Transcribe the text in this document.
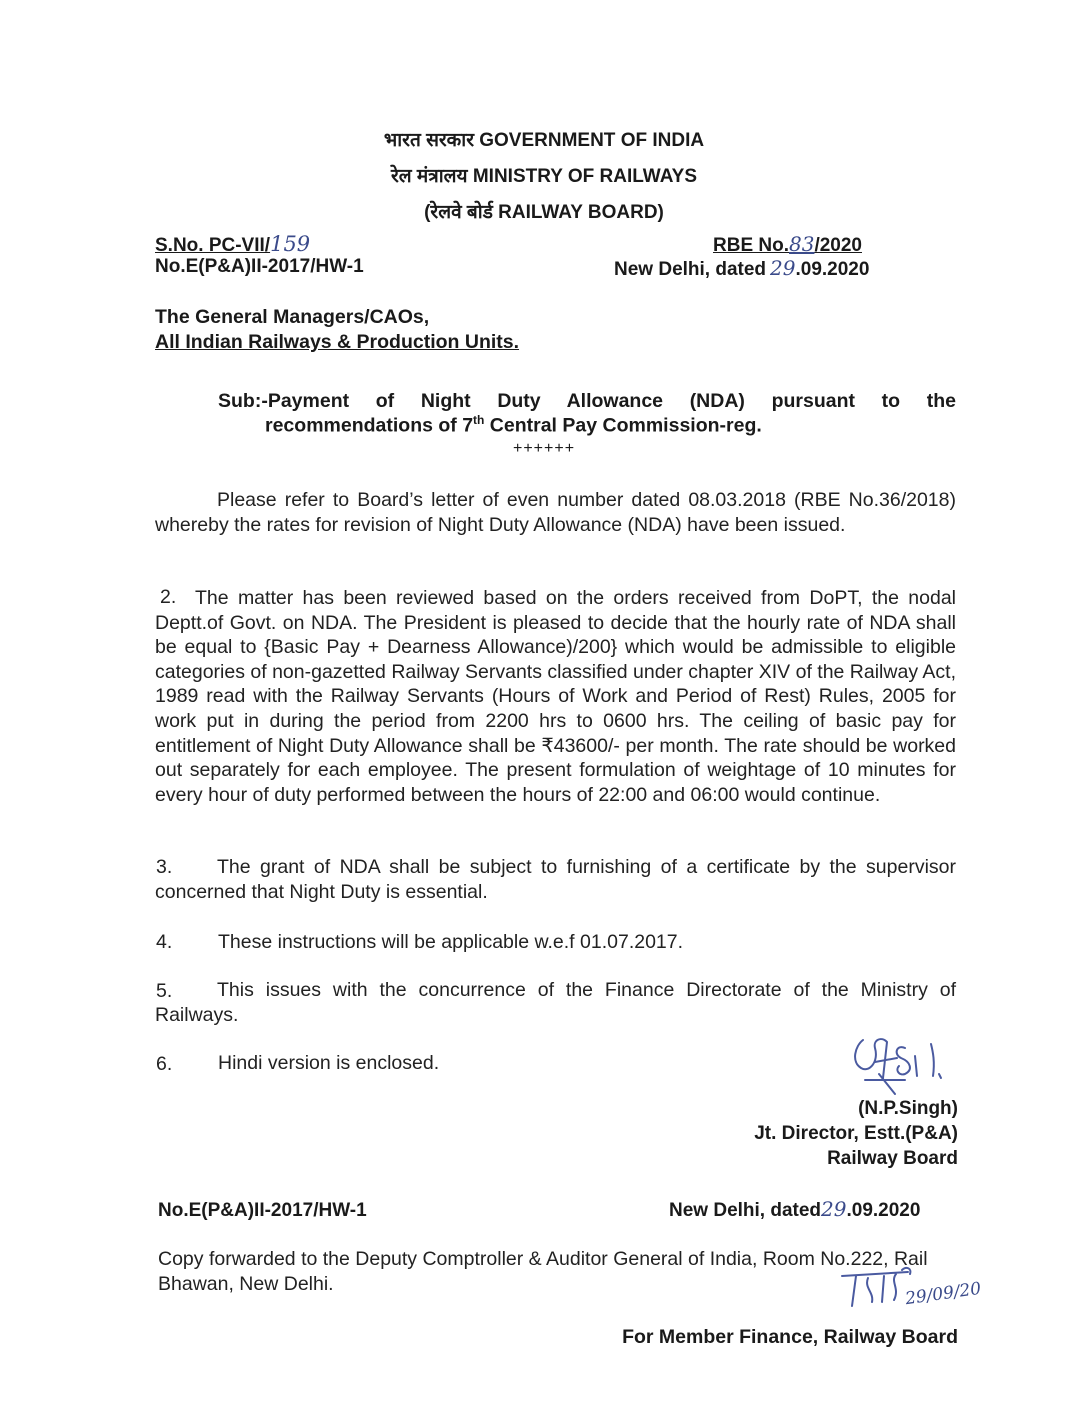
भारत सरकार GOVERNMENT OF INDIA
रेल मंत्रालय MINISTRY OF RAILWAYS
(रेलवे बोर्ड RAILWAY BOARD)
S.No. PC-VII/159
No.E(P&A)II-2017/HW-1
RBE No.83/2020
New Delhi, dated 29.09.2020
The General Managers/CAOs,
All Indian Railways & Production Units.
Sub:-Payment of Night Duty Allowance (NDA) pursuant to the
recommendations of 7th Central Pay Commission-reg.
++++++
Please refer to Board’s letter of even number dated 08.03.2018 (RBE No.36/2018) whereby the rates for revision of Night Duty Allowance (NDA) have been issued.
2. The matter has been reviewed based on the orders received from DoPT, the nodal Deptt.of Govt. on NDA. The President is pleased to decide that the hourly rate of NDA shall be equal to {Basic Pay + Dearness Allowance)/200} which would be admissible to eligible categories of non-gazetted Railway Servants classified under chapter XIV of the Railway Act, 1989 read with the Railway Servants (Hours of Work and Period of Rest) Rules, 2005 for work put in during the period from 2200 hrs to 0600 hrs. The ceiling of basic pay for entitlement of Night Duty Allowance shall be ₹43600/- per month. The rate should be worked out separately for each employee. The present formulation of weightage of 10 minutes for every hour of duty performed between the hours of 22:00 and 06:00 would continue.
3.	The grant of NDA shall be subject to furnishing of a certificate by the supervisor concerned that Night Duty is essential.
4. These instructions will be applicable w.e.f 01.07.2017.
5.	This issues with the concurrence of the Finance Directorate of the Ministry of Railways.
6. Hindi version is enclosed.
(N.P.Singh)
Jt. Director, Estt.(P&A)
Railway Board
No.E(P&A)II-2017/HW-1	New Delhi, dated29.09.2020
Copy forwarded to the Deputy Comptroller & Auditor General of India, Room No.222, Rail Bhawan, New Delhi.	29/09/20
For Member Finance, Railway Board
